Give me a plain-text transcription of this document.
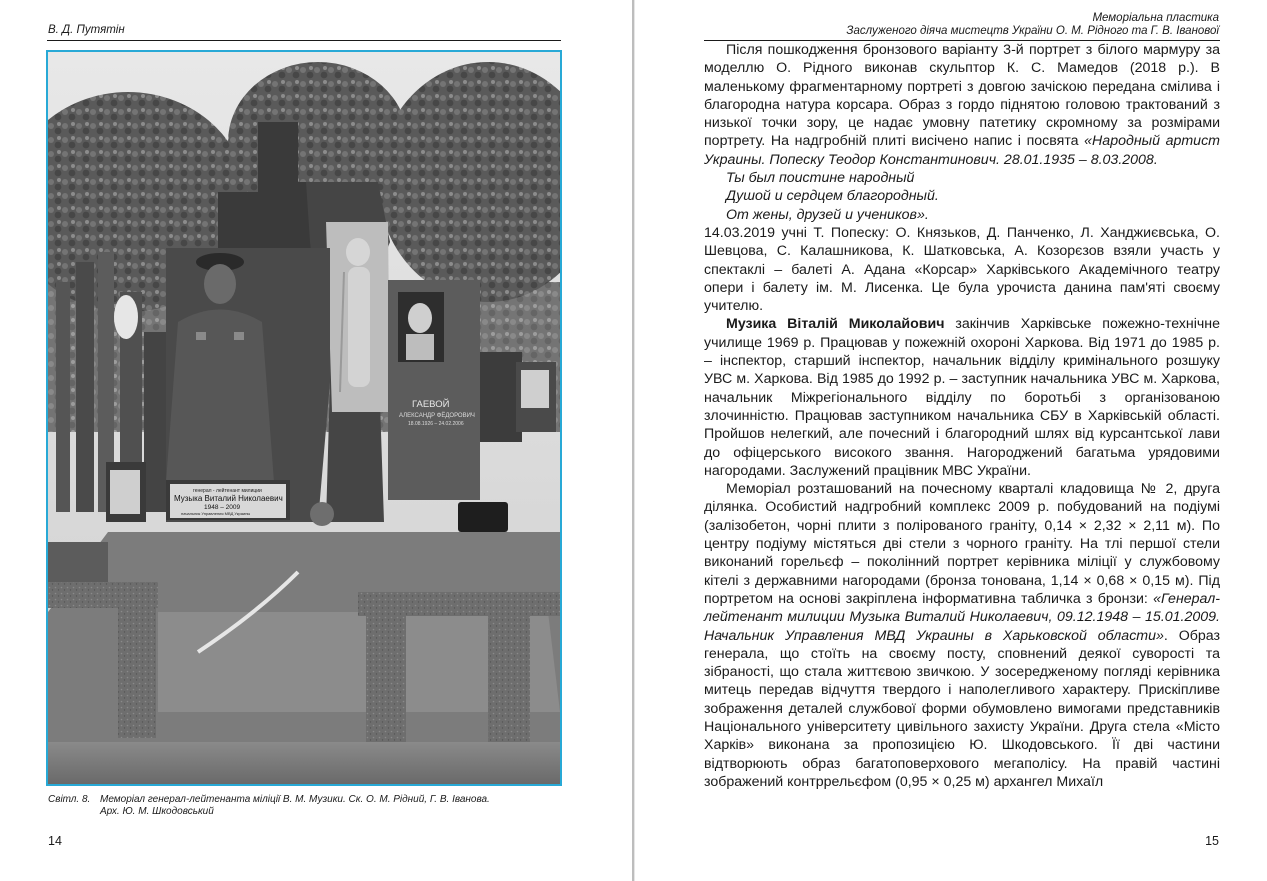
В. Д. Путятін
Меморіальна пластика
Заслуженого діяча мистецтв України О. М. Рідного та Г. В. Іванової
ГАЕВОЙ
АЛЕКСАНДР ФЁДОРОВИЧ
18.08.1926 – 24.02.2006
генерал - лейтенант милиции
Музыка Виталий Николаевич
1948 – 2009
начальник Управления МВД Украины
Світл. 8. Меморіал генерал-лейтенанта міліції В. М. Музики. Ск. О. М. Рідний, Г. В. Іванова.
Арх. Ю. М. Шкодовський
14	15

Після пошкодження бронзового варіанту 3-й портрет з білого мармуру за моделлю О. Рідного виконав скульптор К. С. Мамедов (2018 р.). В маленькому фрагментарному портреті з довгою зачіскою передана смілива і благородна натура корсара. Образ з гордо піднятою головою трактований з низької точки зору, це надає умовну патетику скромному за розмірами портрету. На надгробній плиті висічено напис і посвята «Народный артист Украины. Попеску Теодор Константинович. 28.01.1935 – 8.03.2008.

Ты был поистине народный
Душой и сердцем благородный.
От жены, друзей и учеников».

14.03.2019 учні Т. Попеску: О. Князьков, Д. Панченко, Л. Ханджиєвська, О. Шевцова, С. Калашникова, К. Шатковська, А. Козорєзов взяли участь у спектаклі – балеті А. Адана «Корсар» Харківського Академічного театру опери і балету ім. М. Лисенка. Це була урочиста данина пам'яті своєму учителю.

Музика Віталій Миколайович закінчив Харківське пожежно-технічне училище 1969 р. Працював у пожежній охороні Харкова. Від 1971 до 1985 р. – інспектор, старший інспектор, начальник відділу кримінального розшуку УВС м. Харкова. Від 1985 до 1992 р. – заступник начальника УВС м. Харкова, начальник Міжрегіонального відділу по боротьбі з організованою злочинністю. Працював заступником начальника СБУ в Харківській області. Пройшов нелегкий, але почесний і благородний шлях від курсантської лави до офіцерського високого звання. Нагороджений багатьма урядовими нагородами. Заслужений працівник МВС України.

Меморіал розташований на почесному кварталі кладовища № 2, друга ділянка. Особистий надгробний комплекс 2009 р. побудований на подіумі (залізобетон, чорні плити з полірованого граніту, 0,14 × 2,32 × 2,11 м). По центру подіуму містяться дві стели з чорного граніту. На тлі першої стели виконаний горельєф – поколінний портрет керівника міліції у службовому кітелі з державними нагородами (бронза тонована, 1,14 × 0,68 × 0,15 м). Під портретом на основі закріплена інформативна табличка з бронзи: «Генерал-лейтенант милиции Музыка Виталий Николаевич, 09.12.1948 – 15.01.2009. Начальник Управления МВД Украины в Харьковской области». Образ генерала, що стоїть на своєму посту, сповнений деякої суворості та зібраності, що стала життєвою звичкою. У зосередженому погляді керівника митець передав відчуття твердого і наполегливого характеру. Прискіпливе зображення деталей службової форми обумовлено вимогами представників Національного університету цивільного захисту України. Друга стела «Місто Харків» виконана за пропозицією Ю. Шкодовського. Її дві частини відтворюють образ багатоповерхового мегаполісу. На правій частині зображений контррельєфом (0,95 × 0,25 м) архангел Михаїл
